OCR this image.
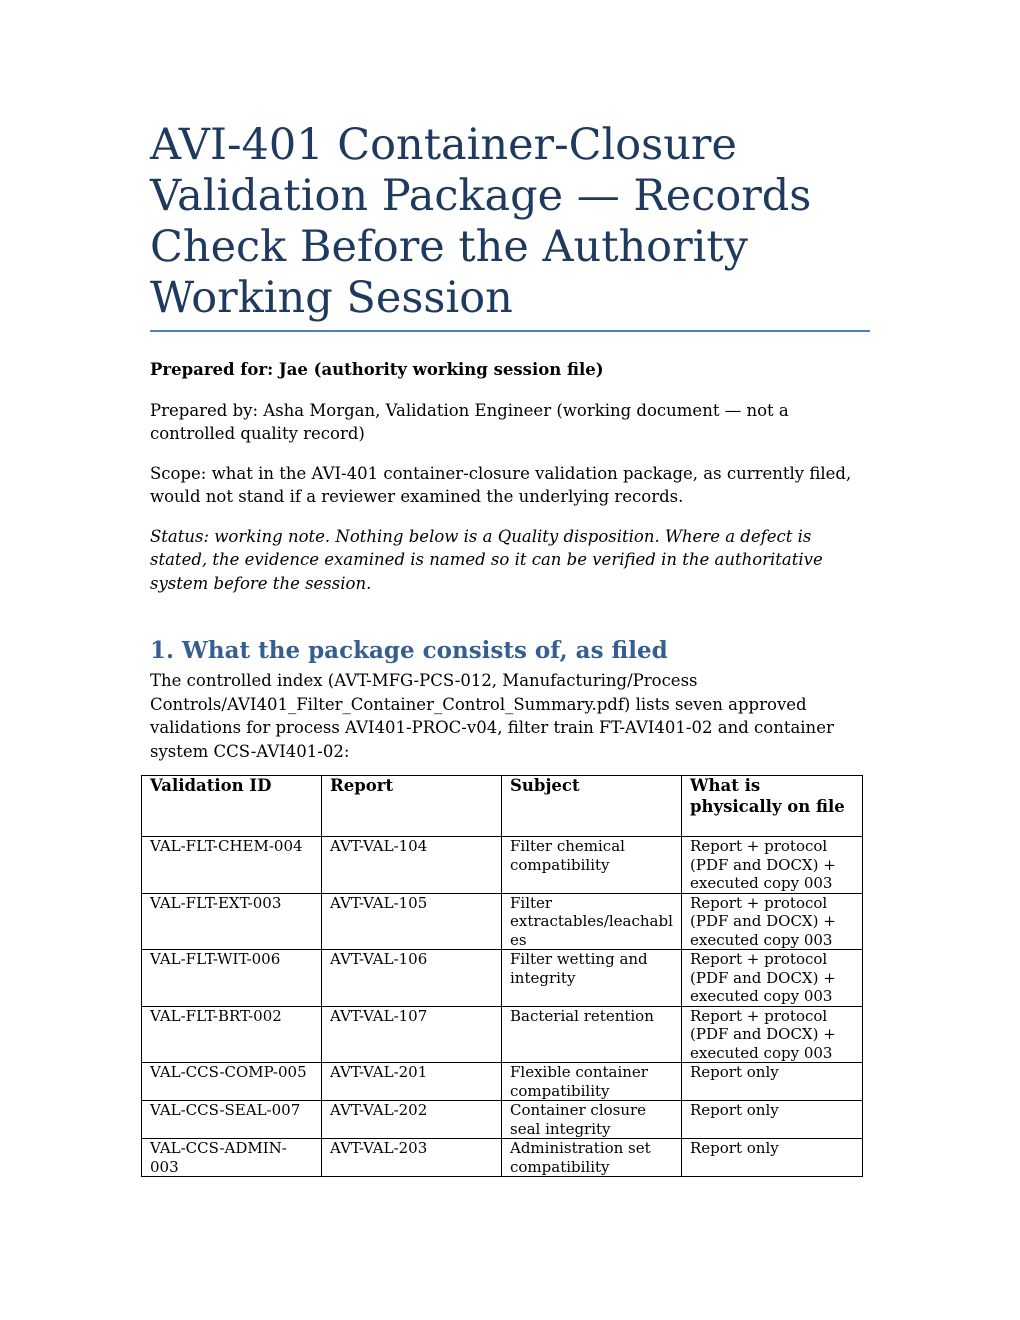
AVI-401 Container-Closure Validation Package — Records Check Before the Authority Working Session

Prepared for: Jae (authority working session file)

Prepared by: Asha Morgan, Validation Engineer (working document — not a controlled quality record)

Scope: what in the AVI-401 container-closure validation package, as currently filed, would not stand if a reviewer examined the underlying records.

Status: working note. Nothing below is a Quality disposition. Where a defect is stated, the evidence examined is named so it can be verified in the authoritative system before the session.

1. What the package consists of, as filed

The controlled index (AVT-MFG-PCS-012, Manufacturing/Process Controls/AVI401_Filter_Container_Control_Summary.pdf) lists seven approved validations for process AVI401-PROC-v04, filter train FT-AVI401-02 and container system CCS-AVI401-02:

Validation ID	Report	Subject	What is physically on file
VAL-FLT-CHEM-004	AVT-VAL-104	Filter chemical compatibility	Report + protocol (PDF and DOCX) + executed copy 003
VAL-FLT-EXT-003	AVT-VAL-105	Filter extractables/leachables	Report + protocol (PDF and DOCX) + executed copy 003
VAL-FLT-WIT-006	AVT-VAL-106	Filter wetting and integrity	Report + protocol (PDF and DOCX) + executed copy 003
VAL-FLT-BRT-002	AVT-VAL-107	Bacterial retention	Report + protocol (PDF and DOCX) + executed copy 003
VAL-CCS-COMP-005	AVT-VAL-201	Flexible container compatibility	Report only
VAL-CCS-SEAL-007	AVT-VAL-202	Container closure seal integrity	Report only
VAL-CCS-ADMIN-003	AVT-VAL-203	Administration set compatibility	Report only
